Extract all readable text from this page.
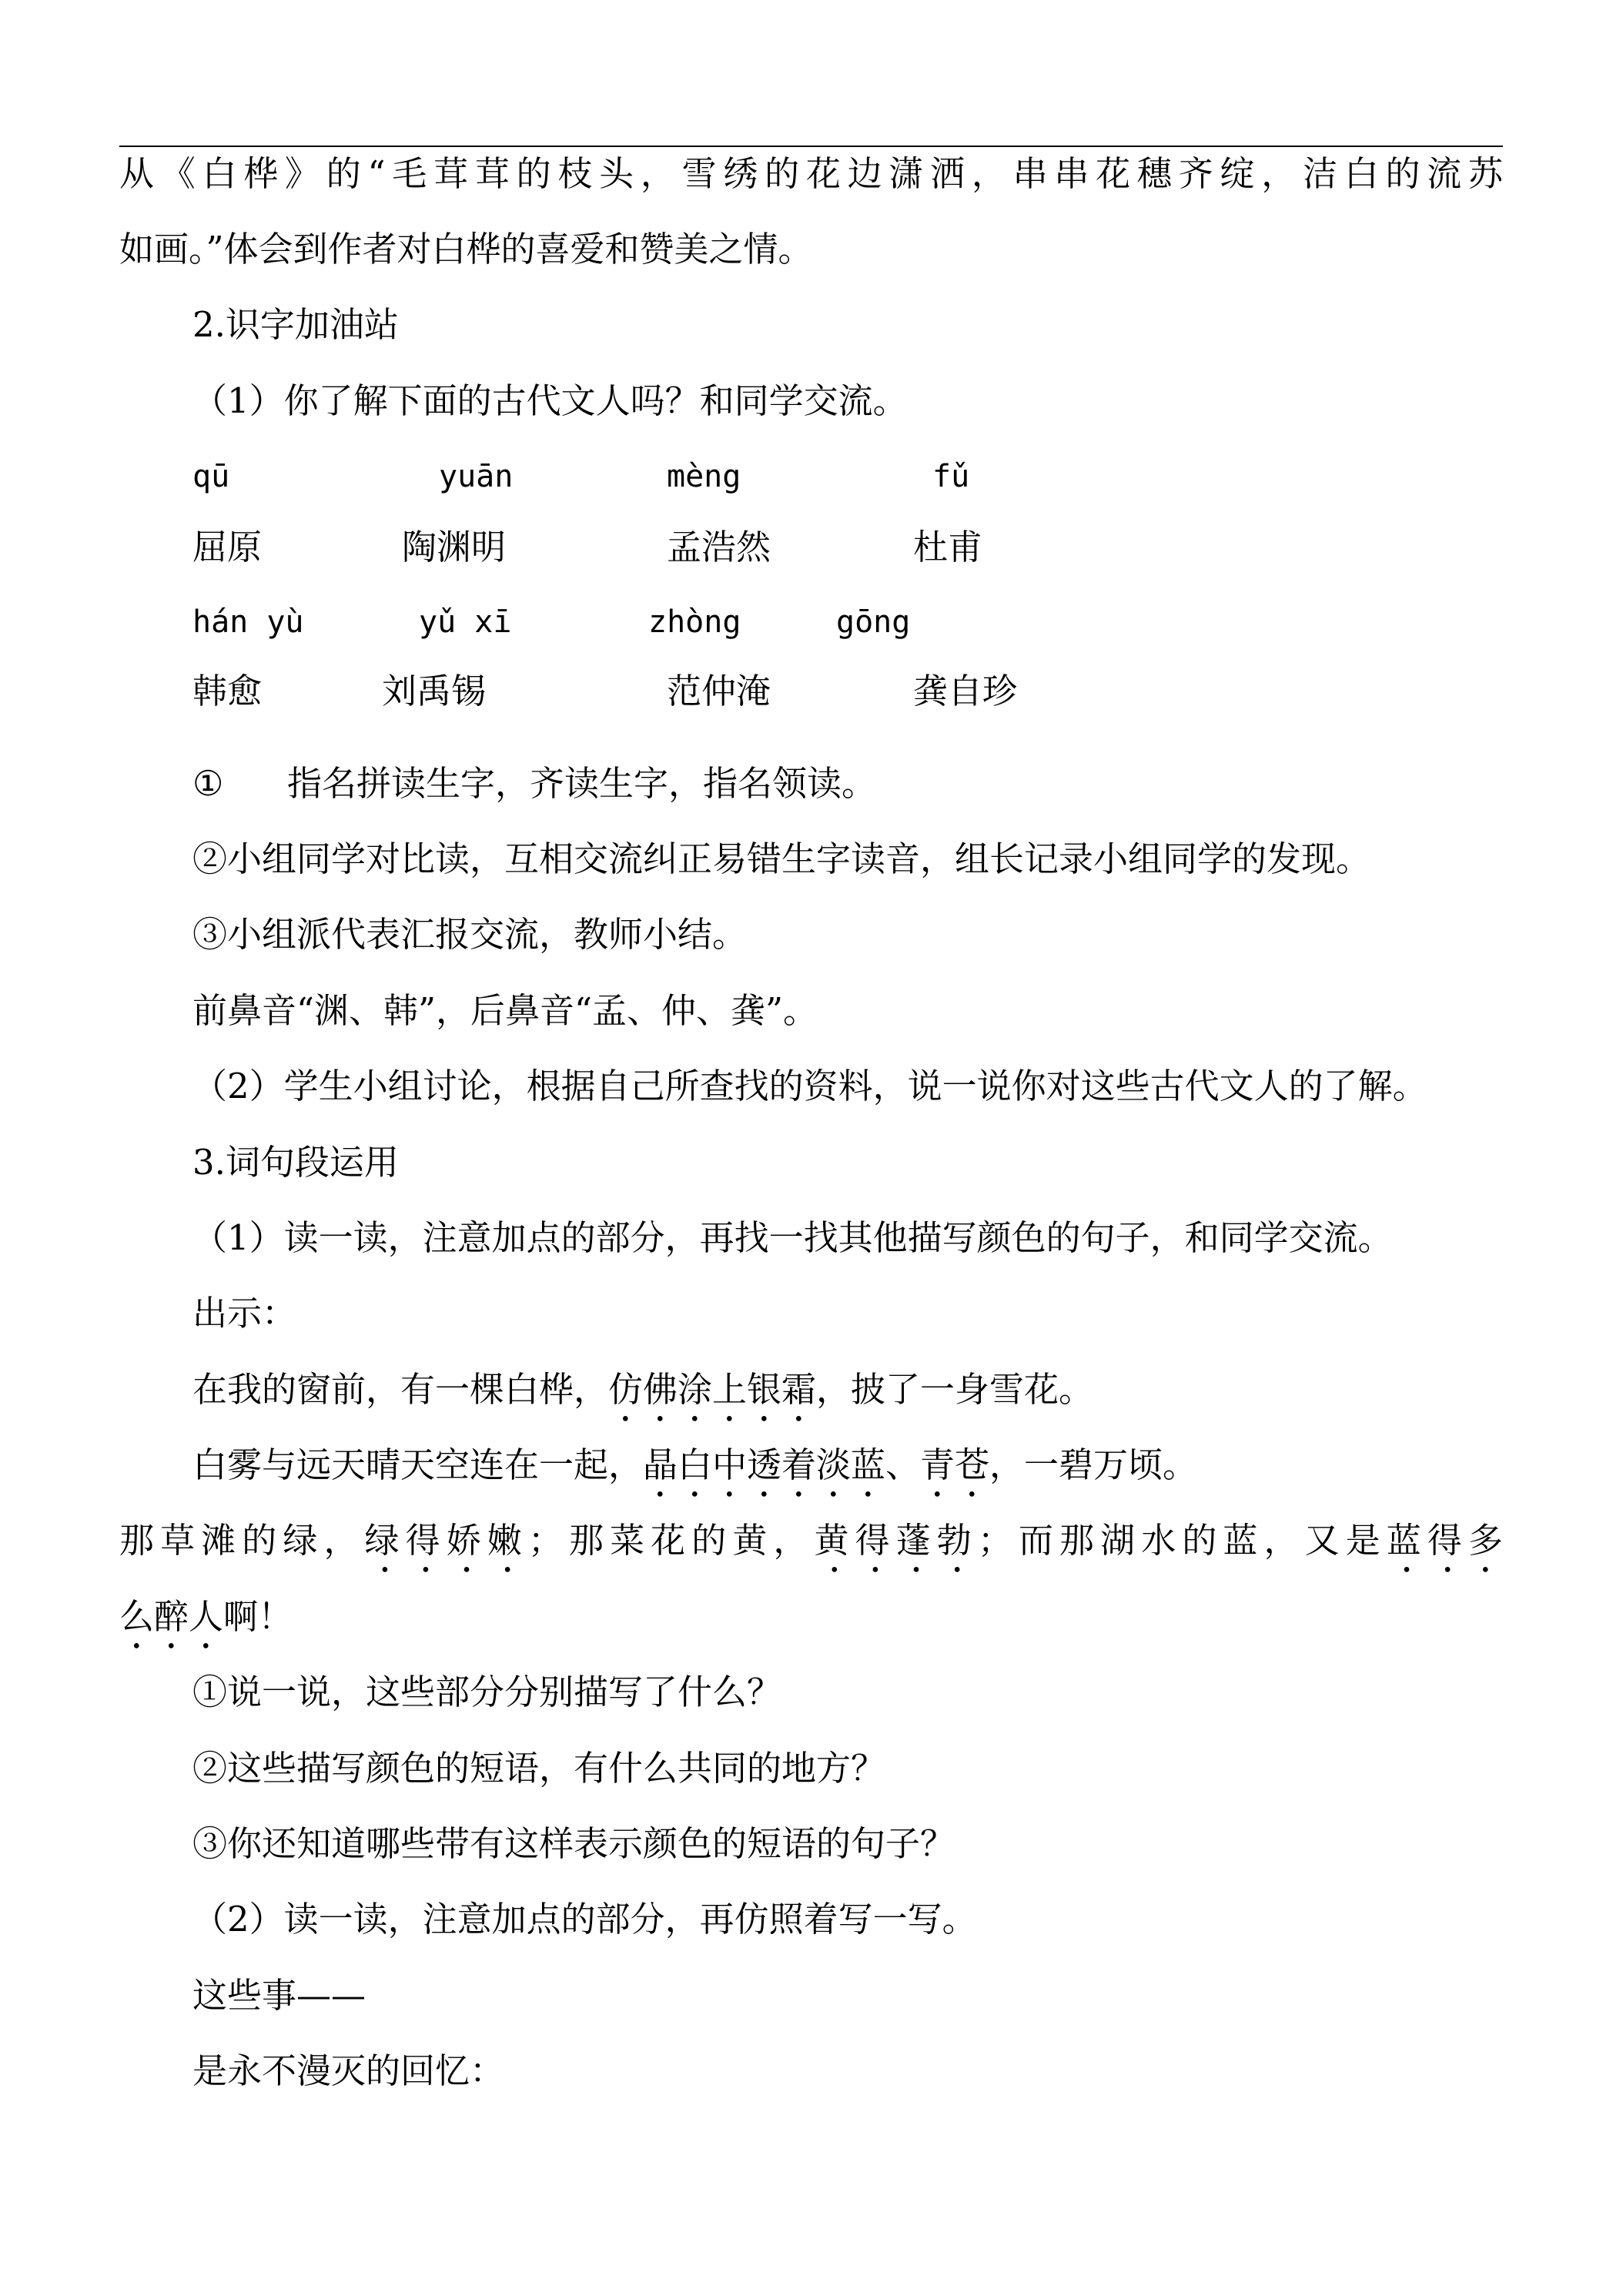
从《白桦》的“毛茸茸的枝头，雪绣的花边潇洒，串串花穗齐绽，洁白的流苏
如画。”体会到作者对白桦的喜爱和赞美之情。
2.识字加油站
（1）你了解下面的古代文人吗？和同学交流。
qū	yuān	mèng	fǔ
屈原	陶渊明	孟浩然	杜甫
hán yù	yǔ xī	zhòng	gōng
韩愈	刘禹锡	范仲淹	龚自珍
① 指名拼读生字，齐读生字，指名领读。
②小组同学对比读，互相交流纠正易错生字读音，组长记录小组同学的发现。
③小组派代表汇报交流，教师小结。
前鼻音“渊、韩”，后鼻音“孟、仲、龚”。
（2）学生小组讨论，根据自己所查找的资料，说一说你对这些古代文人的了解。
3.词句段运用
（1）读一读，注意加点的部分，再找一找其他描写颜色的句子，和同学交流。
出示：
在我的窗前，有一棵白桦，仿佛涂上银霜，披了一身雪花。
白雾与远天晴天空连在一起，晶白中透着淡蓝、青苍，一碧万顷。
那草滩的绿，绿得娇嫩；那菜花的黄，黄得蓬勃；而那湖水的蓝，又是蓝得多
么醉人啊！
①说一说，这些部分分别描写了什么？
②这些描写颜色的短语，有什么共同的地方？
③你还知道哪些带有这样表示颜色的短语的句子？
（2）读一读，注意加点的部分，再仿照着写一写。
这些事——
是永不漫灭的回忆：
